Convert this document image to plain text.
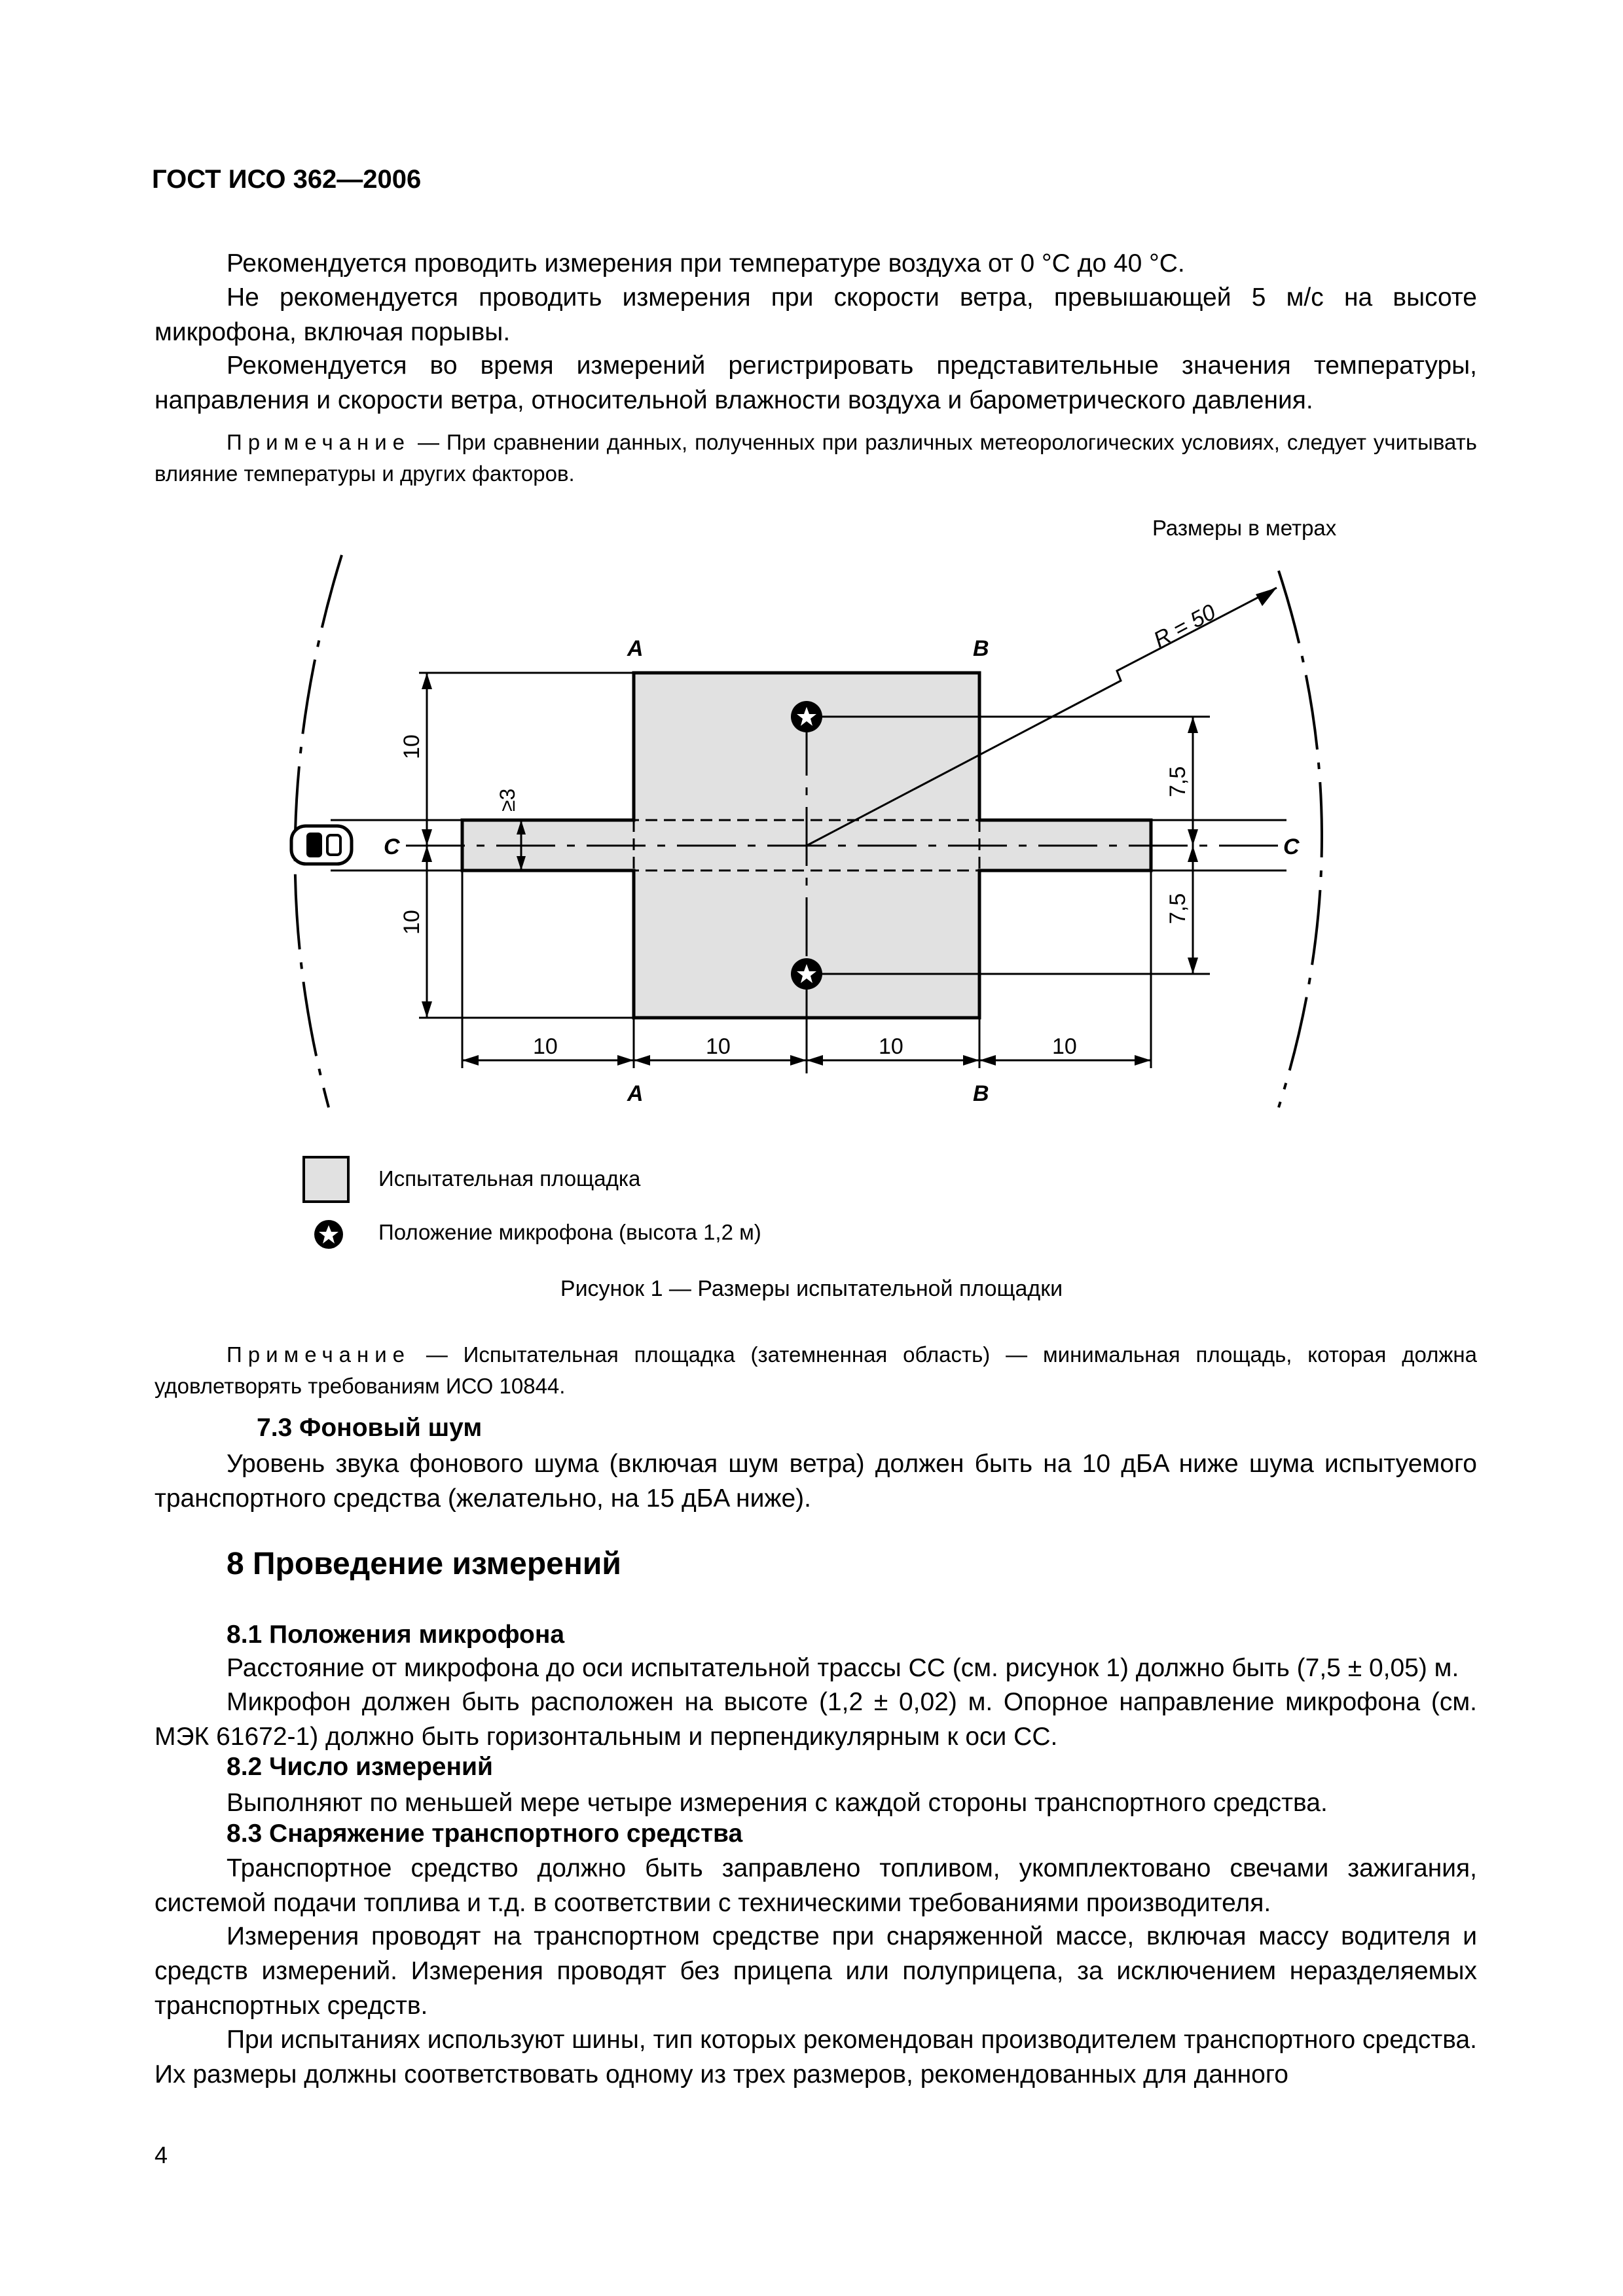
ГОСТ ИСО 362—2006
Рекомендуется проводить измерения при температуре воздуха от 0 °С до 40 °С.
Не рекомендуется проводить измерения при скорости ветра, превышающей 5 м/с на высоте микрофона, включая порывы.
Рекомендуется во время измерений регистрировать представительные значения температуры, направления и скорости ветра, относительной влажности воздуха и барометрического давления.
Примечание — При сравнении данных, полученных при различных метеорологических условиях, следует учитывать влияние температуры и других факторов.
Размеры в метрах
A	B
A	B
C	C
R = 50
10
10
≥3
7,5
7,5
10	10	10	10
Испытательная площадка
Положение микрофона (высота 1,2 м)
Рисунок 1 — Размеры испытательной площадки
Примечание — Испытательная площадка (затемненная область) — минимальная площадь, которая должна удовлетворять требованиям ИСО 10844.
7.3 Фоновый шум
Уровень звука фонового шума (включая шум ветра) должен быть на 10 дБA ниже шума испытуемого транспортного средства (желательно, на 15 дБA ниже).
8 Проведение измерений
8.1 Положения микрофона
Расстояние от микрофона до оси испытательной трассы CC (см. рисунок 1) должно быть (7,5 ± 0,05) м.
Микрофон должен быть расположен на высоте (1,2 ± 0,02) м. Опорное направление микрофона (см. МЭК 61672-1) должно быть горизонтальным и перпендикулярным к оси CC.
8.2 Число измерений
Выполняют по меньшей мере четыре измерения с каждой стороны транспортного средства.
8.3 Снаряжение транспортного средства
Транспортное средство должно быть заправлено топливом, укомплектовано свечами зажигания, системой подачи топлива и т.д. в соответствии с техническими требованиями производителя.
Измерения проводят на транспортном средстве при снаряженной массе, включая массу водителя и средств измерений. Измерения проводят без прицепа или полуприцепа, за исключением неразделяемых транспортных средств.
При испытаниях используют шины, тип которых рекомендован производителем транспортного средства. Их размеры должны соответствовать одному из трех размеров, рекомендованных для данного
4
